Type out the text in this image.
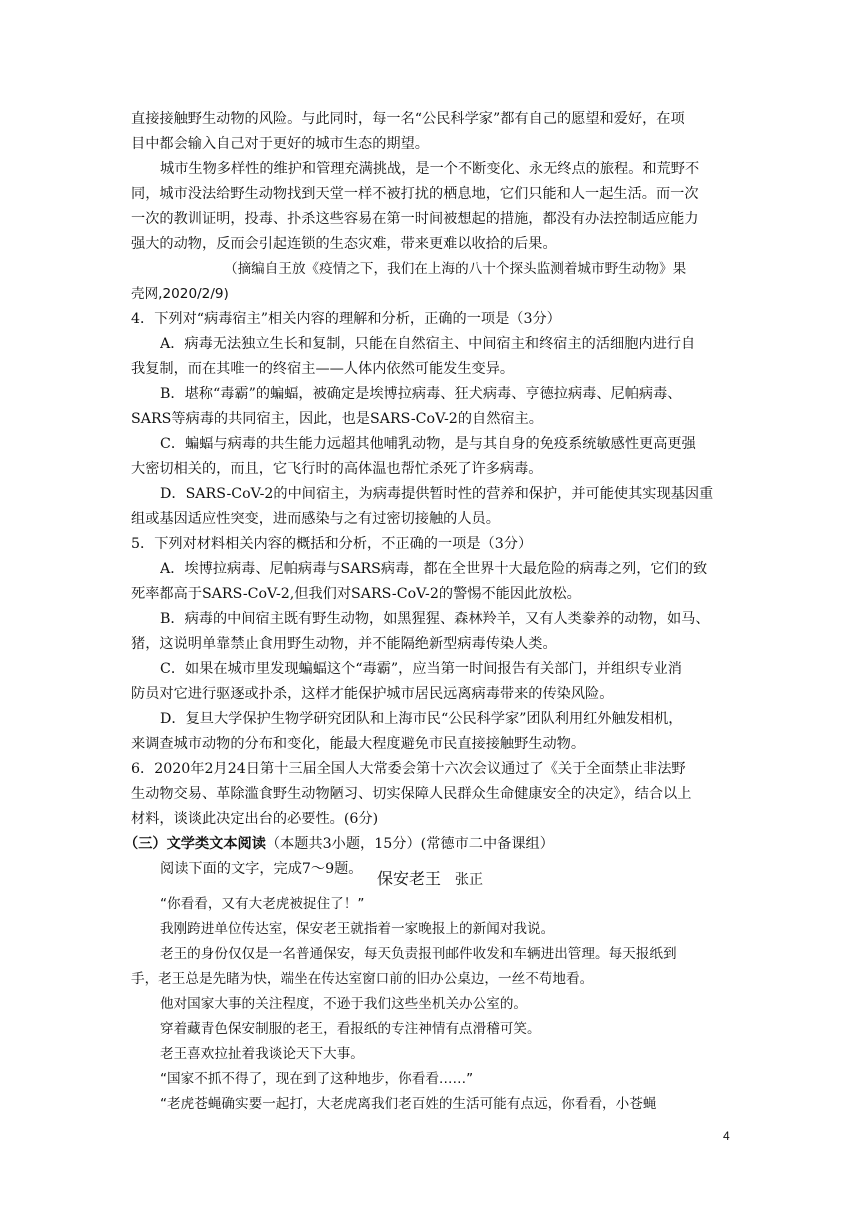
直接接触野生动物的风险。与此同时，每一名“公民科学家”都有自己的愿望和爱好，在项
目中都会输入自己对于更好的城市生态的期望。
城市生物多样性的维护和管理充满挑战，是一个不断变化、永无终点的旅程。和荒野不
同，城市没法给野生动物找到天堂一样不被打扰的栖息地，它们只能和人一起生活。而一次
一次的教训证明，投毒、扑杀这些容易在第一时间被想起的措施，都没有办法控制适应能力
强大的动物，反而会引起连锁的生态灾难，带来更难以收拾的后果。
（摘编自王放《疫情之下，我们在上海的八十个探头监测着城市野生动物》果
壳网,2020/2/9)
4．下列对“病毒宿主”相关内容的理解和分析，正确的一项是（3分）
A．病毒无法独立生长和复制，只能在自然宿主、中间宿主和终宿主的活细胞内进行自
我复制，而在其唯一的终宿主——人体内依然可能发生变异。
B．堪称“毒霸”的蝙蝠，被确定是埃博拉病毒、狂犬病毒、亨德拉病毒、尼帕病毒、
SARS等病毒的共同宿主，因此，也是SARS-CoV-2的自然宿主。
C．蝙蝠与病毒的共生能力远超其他哺乳动物，是与其自身的免疫系统敏感性更高更强
大密切相关的，而且，它飞行时的高体温也帮忙杀死了许多病毒。
D．SARS-CoV-2的中间宿主，为病毒提供暂时性的营养和保护，并可能使其实现基因重
组或基因适应性突变，进而感染与之有过密切接触的人员。
5．下列对材料相关内容的概括和分析，不正确的一项是（3分）
A．埃博拉病毒、尼帕病毒与SARS病毒，都在全世界十大最危险的病毒之列，它们的致
死率都高于SARS-CoV-2,但我们对SARS-CoV-2的警惕不能因此放松。
B．病毒的中间宿主既有野生动物，如黑猩猩、森林羚羊，又有人类豢养的动物，如马、
猪，这说明单靠禁止食用野生动物，并不能隔绝新型病毒传染人类。
C．如果在城市里发现蝙蝠这个“毒霸”，应当第一时间报告有关部门，并组织专业消
防员对它进行驱逐或扑杀，这样才能保护城市居民远离病毒带来的传染风险。
D．复旦大学保护生物学研究团队和上海市民“公民科学家”团队利用红外触发相机，
来调查城市动物的分布和变化，能最大程度避免市民直接接触野生动物。
6．2020年2月24日第十三届全国人大常委会第十六次会议通过了《关于全面禁止非法野
生动物交易、革除滥食野生动物陋习、切实保障人民群众生命健康安全的决定》，结合以上
材料，谈谈此决定出台的必要性。(6分)
（三）文学类文本阅读（本题共3小题，15分）(常德市二中备课组）
阅读下面的文字，完成7～9题。 保安老王 张正
“你看看，又有大老虎被捉住了！”
我刚跨进单位传达室，保安老王就指着一家晚报上的新闻对我说。
老王的身份仅仅是一名普通保安，每天负责报刊邮件收发和车辆进出管理。每天报纸到
手，老王总是先睹为快，端坐在传达室窗口前的旧办公桌边，一丝不苟地看。
他对国家大事的关注程度，不逊于我们这些坐机关办公室的。
穿着藏青色保安制服的老王，看报纸的专注神情有点滑稽可笑。
老王喜欢拉扯着我谈论天下大事。
“国家不抓不得了，现在到了这种地步，你看看……”
“老虎苍蝇确实要一起打，大老虎离我们老百姓的生活可能有点远，你看看，小苍蝇
4
